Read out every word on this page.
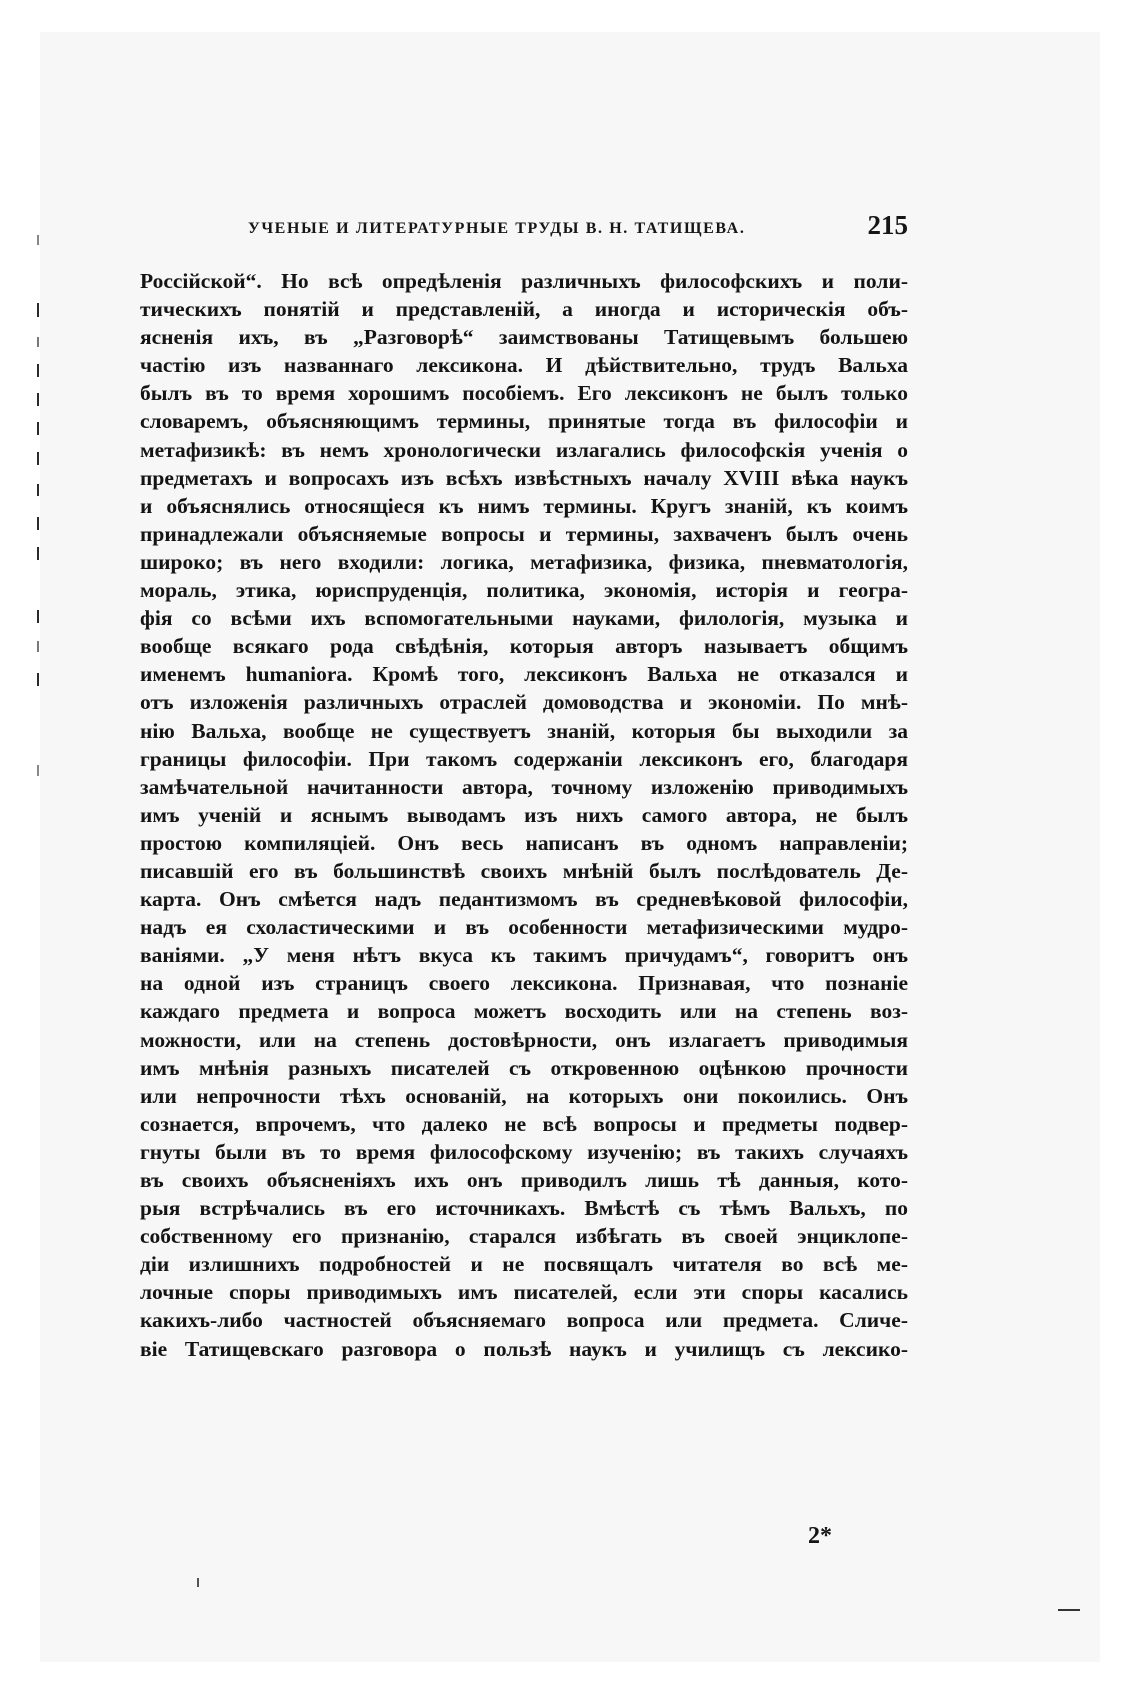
УЧЕНЫЕ И ЛИТЕРАТУРНЫЕ ТРУДЫ В. Н. ТАТИЩЕВА.	215
Россійской“. Но всѣ опредѣленія различныхъ философскихъ и поли-
тическихъ понятій и представленій, а иногда и историческія объ-
ясненія ихъ, въ „Разговорѣ“ заимствованы Татищевымъ большею
частію изъ названнаго лексикона. И дѣйствительно, трудъ Вальха
былъ въ то время хорошимъ пособіемъ. Его лексиконъ не былъ только
словаремъ, объясняющимъ термины, принятые тогда въ философіи и
метафизикѣ: въ немъ хронологически излагались философскія ученія о
предметахъ и вопросахъ изъ всѣхъ извѣстныхъ началу XVIII вѣка наукъ
и объяснялись относящіеся къ нимъ термины. Кругъ знаній, къ коимъ
принадлежали объясняемые вопросы и термины, захваченъ былъ очень
широко; въ него входили: логика, метафизика, физика, пневматологія,
мораль, этика, юриспруденція, политика, экономія, исторія и геогра-
фія со всѣми ихъ вспомогательными науками, филологія, музыка и
вообще всякаго рода свѣдѣнія, которыя авторъ называетъ общимъ
именемъ humaniora. Кромѣ того, лексиконъ Вальха не отказался и
отъ изложенія различныхъ отраслей домоводства и экономіи. По мнѣ-
нію Вальха, вообще не существуетъ знаній, которыя бы выходили за
границы философіи. При такомъ содержаніи лексиконъ его, благодаря
замѣчательной начитанности автора, точному изложенію приводимыхъ
имъ ученій и яснымъ выводамъ изъ нихъ самого автора, не былъ
простою компиляціей. Онъ весь написанъ въ одномъ направленіи;
писавшій его въ большинствѣ своихъ мнѣній былъ послѣдователь Де-
карта. Онъ смѣется надъ педантизмомъ въ средневѣковой философіи,
надъ ея схоластическими и въ особенности метафизическими мудро-
ваніями. „У меня нѣтъ вкуса къ такимъ причудамъ“, говоритъ онъ
на одной изъ страницъ своего лексикона. Признавая, что познаніе
каждаго предмета и вопроса можетъ восходить или на степень воз-
можности, или на степень достовѣрности, онъ излагаетъ приводимыя
имъ мнѣнія разныхъ писателей съ откровенною оцѣнкою прочности
или непрочности тѣхъ основаній, на которыхъ они покоились. Онъ
сознается, впрочемъ, что далеко не всѣ вопросы и предметы подвер-
гнуты были въ то время философскому изученію; въ такихъ случаяхъ
въ своихъ объясненіяхъ ихъ онъ приводилъ лишь тѣ данныя, кото-
рыя встрѣчались въ его источникахъ. Вмѣстѣ съ тѣмъ Вальхъ, по
собственному его признанію, старался избѣгать въ своей энциклопе-
діи излишнихъ подробностей и не посвящалъ читателя во всѣ ме-
лочные споры приводимыхъ имъ писателей, если эти споры касались
какихъ-либо частностей объясняемаго вопроса или предмета. Сличе-
віе Татищевскаго разговора о пользѣ наукъ и училищъ съ лексико-
2*
